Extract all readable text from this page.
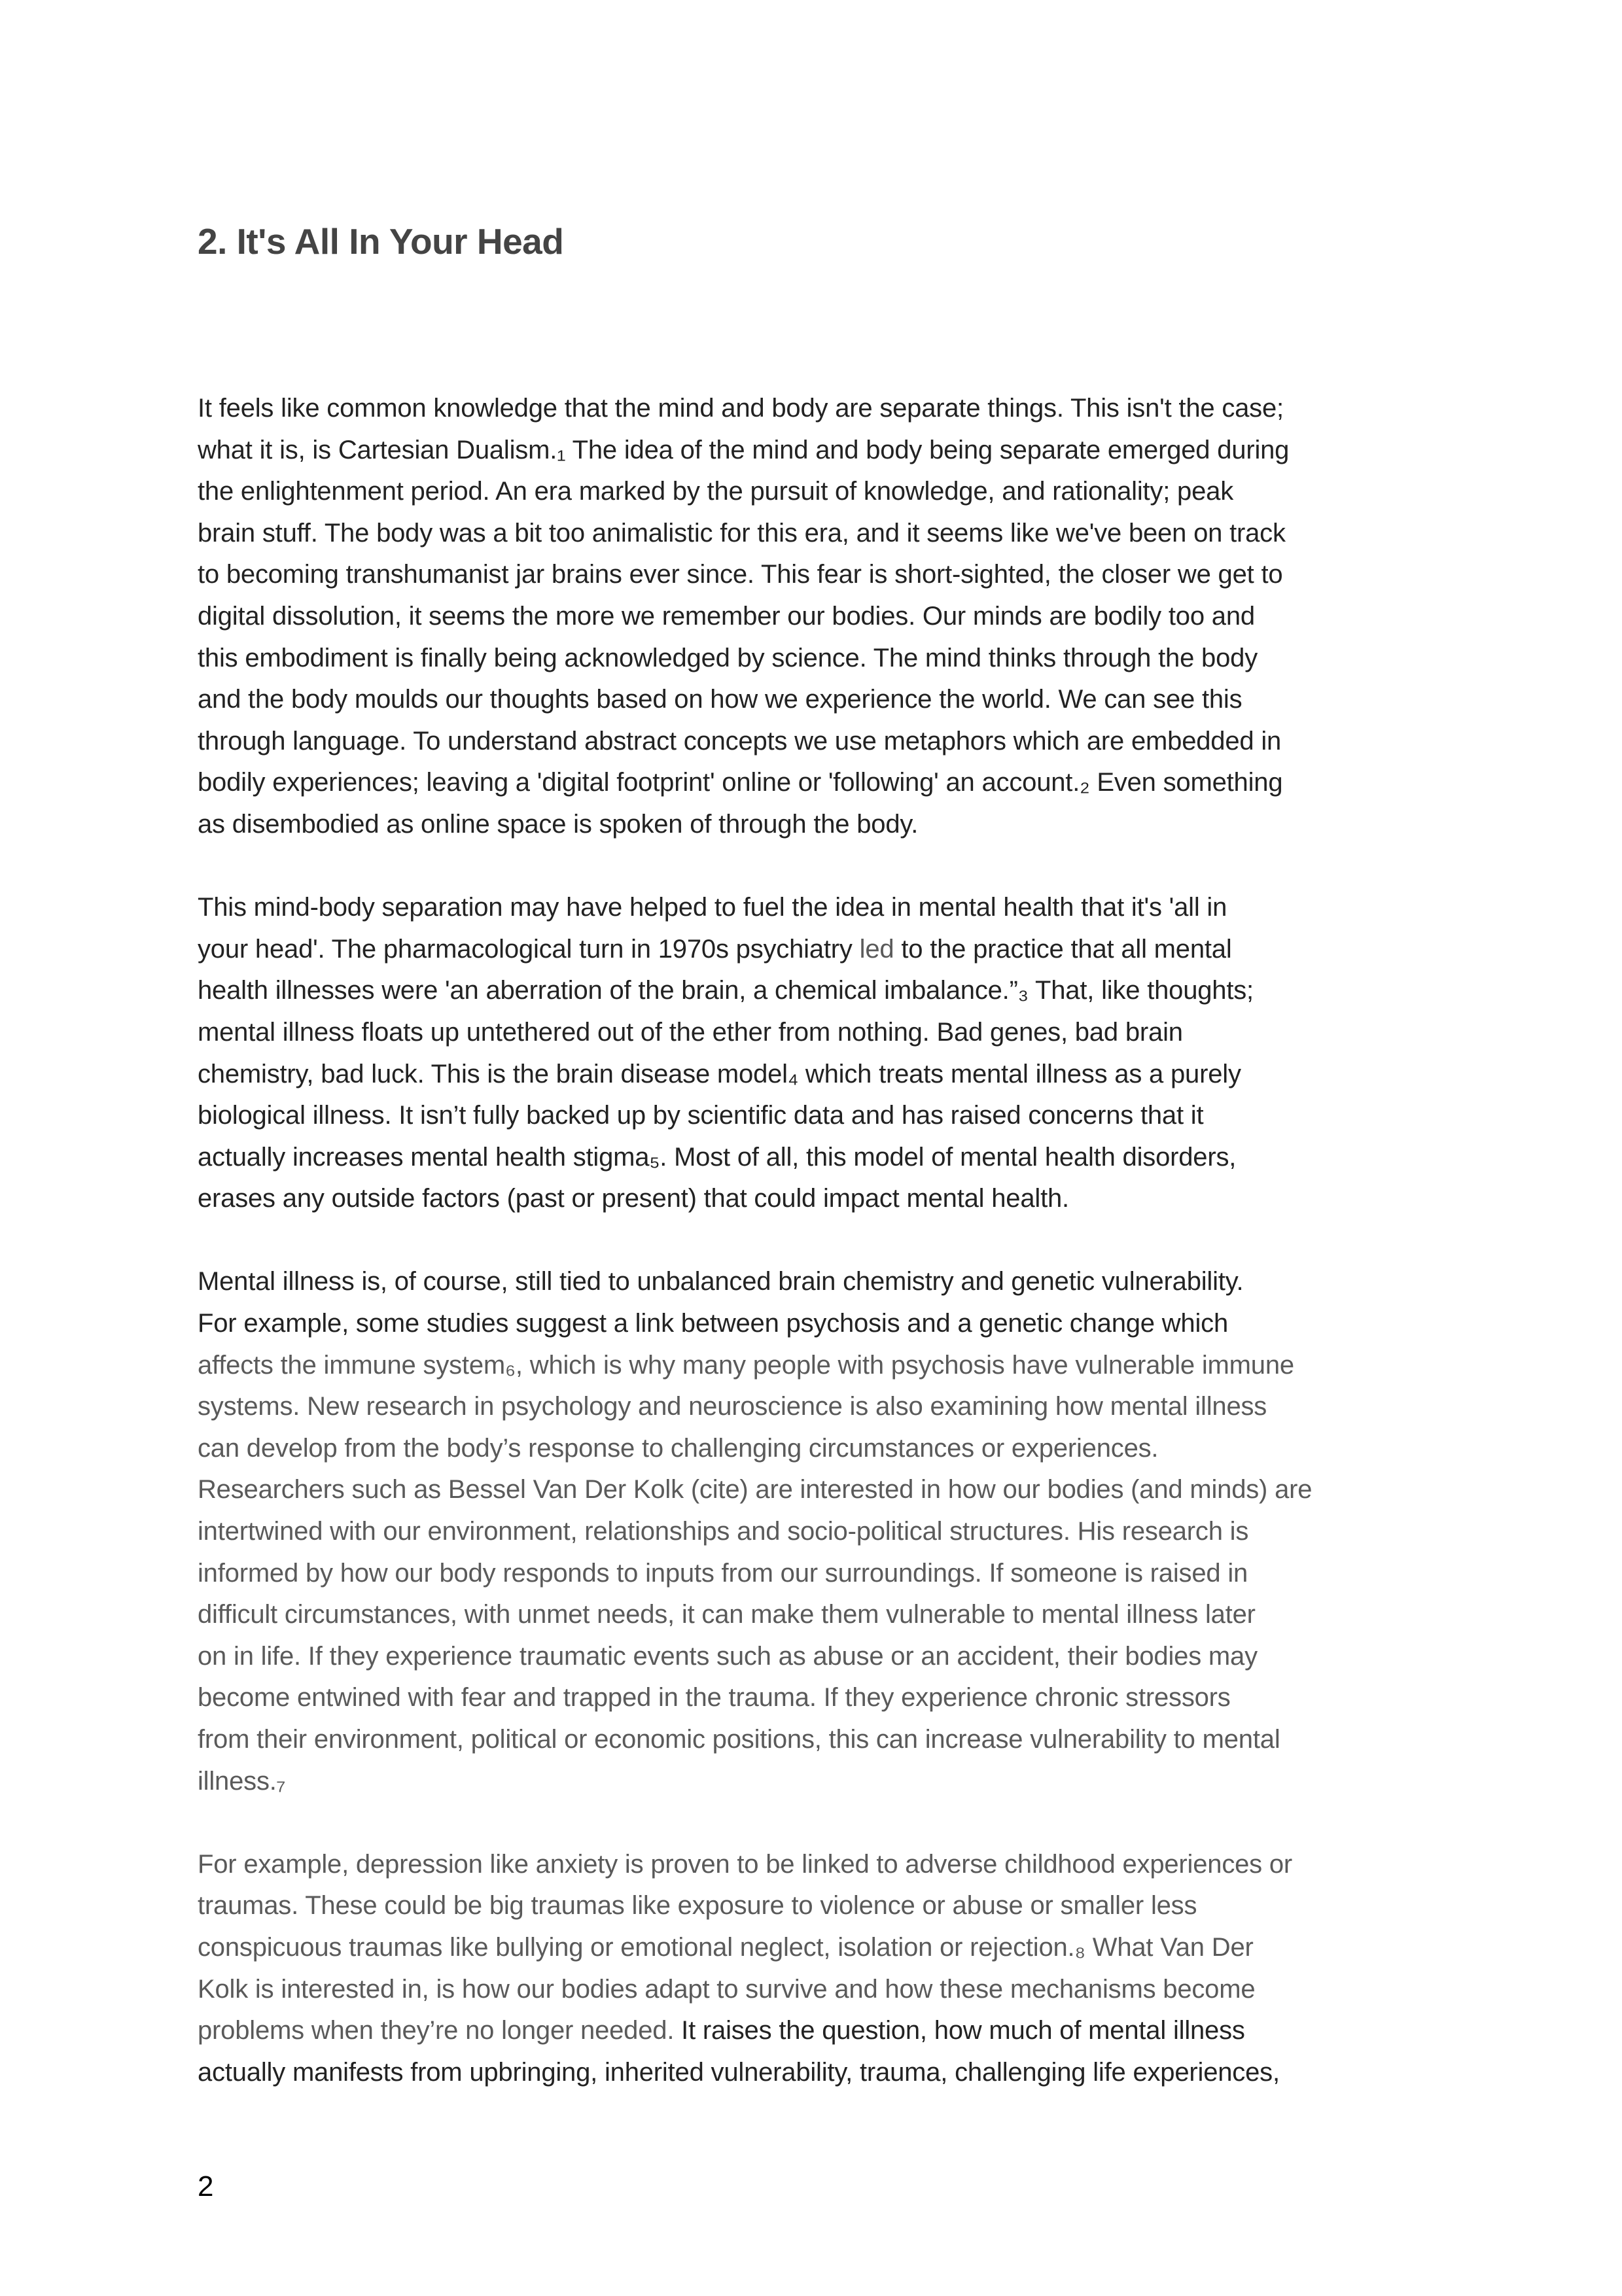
2. It's All In Your Head
It feels like common knowledge that the mind and body are separate things. This isn't the case;
what it is, is Cartesian Dualism.₁ The idea of the mind and body being separate emerged during
the enlightenment period. An era marked by the pursuit of knowledge, and rationality; peak
brain stuff. The body was a bit too animalistic for this era, and it seems like we've been on track
to becoming transhumanist jar brains ever since. This fear is short-sighted, the closer we get to
digital dissolution, it seems the more we remember our bodies. Our minds are bodily too and
this embodiment is finally being acknowledged by science. The mind thinks through the body
and the body moulds our thoughts based on how we experience the world. We can see this
through language. To understand abstract concepts we use metaphors which are embedded in
bodily experiences; leaving a 'digital footprint' online or 'following' an account.₂ Even something
as disembodied as online space is spoken of through the body.
This mind-body separation may have helped to fuel the idea in mental health that it's 'all in
your head'. The pharmacological turn in 1970s psychiatry led to the practice that all mental
health illnesses were 'an aberration of the brain, a chemical imbalance.”₃ That, like thoughts;
mental illness floats up untethered out of the ether from nothing. Bad genes, bad brain
chemistry, bad luck. This is the brain disease model₄ which treats mental illness as a purely
biological illness. It isn’t fully backed up by scientific data and has raised concerns that it
actually increases mental health stigma₅. Most of all, this model of mental health disorders,
erases any outside factors (past or present) that could impact mental health.
Mental illness is, of course, still tied to unbalanced brain chemistry and genetic vulnerability.
For example, some studies suggest a link between psychosis and a genetic change which
affects the immune system₆, which is why many people with psychosis have vulnerable immune
systems. New research in psychology and neuroscience is also examining how mental illness
can develop from the body’s response to challenging circumstances or experiences.
Researchers such as Bessel Van Der Kolk (cite) are interested in how our bodies (and minds) are
intertwined with our environment, relationships and socio-political structures. His research is
informed by how our body responds to inputs from our surroundings. If someone is raised in
difficult circumstances, with unmet needs, it can make them vulnerable to mental illness later
on in life. If they experience traumatic events such as abuse or an accident, their bodies may
become entwined with fear and trapped in the trauma. If they experience chronic stressors
from their environment, political or economic positions, this can increase vulnerability to mental
illness.₇
For example, depression like anxiety is proven to be linked to adverse childhood experiences or
traumas. These could be big traumas like exposure to violence or abuse or smaller less
conspicuous traumas like bullying or emotional neglect, isolation or rejection.₈ What Van Der
Kolk is interested in, is how our bodies adapt to survive and how these mechanisms become
problems when they’re no longer needed. It raises the question, how much of mental illness
actually manifests from upbringing, inherited vulnerability, trauma, challenging life experiences,
2
